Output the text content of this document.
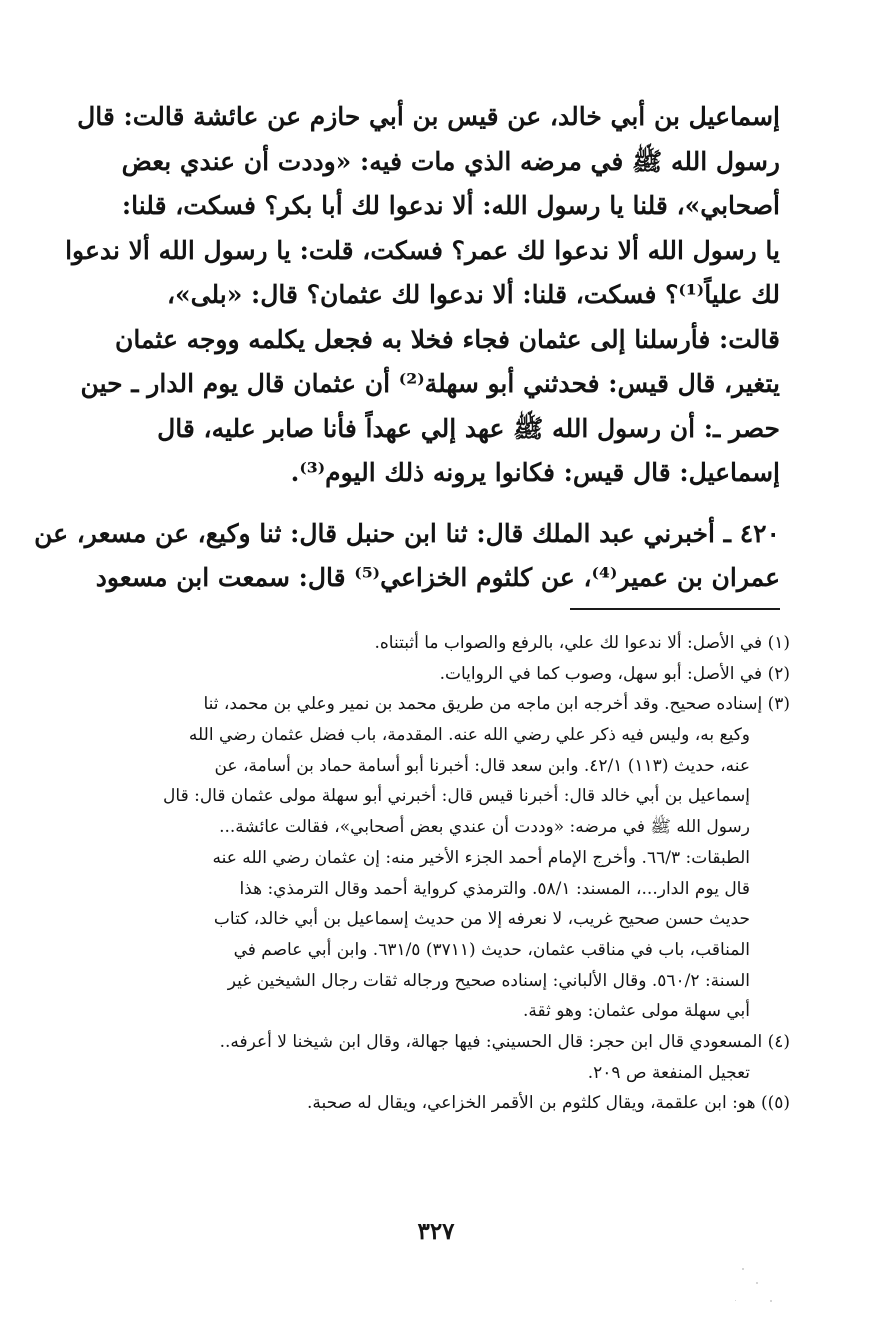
إسماعيل بن أبي خالد، عن قيس بن أبي حازم عن عائشة قالت: قال
رسول الله ﷺ في مرضه الذي مات فيه: «وددت أن عندي بعض
أصحابي»، قلنا يا رسول الله: ألا ندعوا لك أبا بكر؟ فسكت، قلنا:
يا رسول الله ألا ندعوا لك عمر؟ فسكت، قلت: يا رسول الله ألا ندعوا
لك علياً⁽¹⁾؟ فسكت، قلنا: ألا ندعوا لك عثمان؟ قال: «بلى»،
قالت: فأرسلنا إلى عثمان فجاء فخلا به فجعل يكلمه ووجه عثمان
يتغير، قال قيس: فحدثني أبو سهلة⁽²⁾ أن عثمان قال يوم الدار ـ حين
حصر ـ: أن رسول الله ﷺ عهد إلي عهداً فأنا صابر عليه، قال
إسماعيل: قال قيس: فكانوا يرونه ذلك اليوم⁽³⁾.
٤٢٠ ـ أخبرني عبد الملك قال: ثنا ابن حنبل قال: ثنا وكيع، عن مسعر، عن
عمران بن عمير⁽⁴⁾، عن كلثوم الخزاعي⁽⁵⁾ قال: سمعت ابن مسعود
(١) في الأصل: ألا ندعوا لك علي، بالرفع والصواب ما أثبتناه.
(٢) في الأصل: أبو سهل، وصوب كما في الروايات.
(٣) إسناده صحيح. وقد أخرجه ابن ماجه من طريق محمد بن نمير وعلي بن محمد، ثنا
وكيع به، وليس فيه ذكر علي رضي الله عنه. المقدمة، باب فضل عثمان رضي الله
عنه، حديث (١١٣) ٤٢/١. وابن سعد قال: أخبرنا أبو أسامة حماد بن أسامة، عن
إسماعيل بن أبي خالد قال: أخبرنا قيس قال: أخبرني أبو سهلة مولى عثمان قال: قال
رسول الله ﷺ في مرضه: «وددت أن عندي بعض أصحابي»، فقالت عائشة...
الطبقات: ٦٦/٣. وأخرج الإمام أحمد الجزء الأخير منه: إن عثمان رضي الله عنه
قال يوم الدار...، المسند: ٥٨/١. والترمذي كرواية أحمد وقال الترمذي: هذا
حديث حسن صحيح غريب، لا نعرفه إلا من حديث إسماعيل بن أبي خالد، كتاب
المناقب، باب في مناقب عثمان، حديث (٣٧١١) ٦٣١/٥. وابن أبي عاصم في
السنة: ٥٦٠/٢. وقال الألباني: إسناده صحيح ورجاله ثقات رجال الشيخين غير
أبي سهلة مولى عثمان: وهو ثقة.
(٤) المسعودي قال ابن حجر: قال الحسيني: فيها جهالة، وقال ابن شيخنا لا أعرفه..
تعجيل المنفعة ص ٢٠٩.
(٥)) هو: ابن علقمة، ويقال كلثوم بن الأقمر الخزاعي، ويقال له صحبة.
٣٢٧
